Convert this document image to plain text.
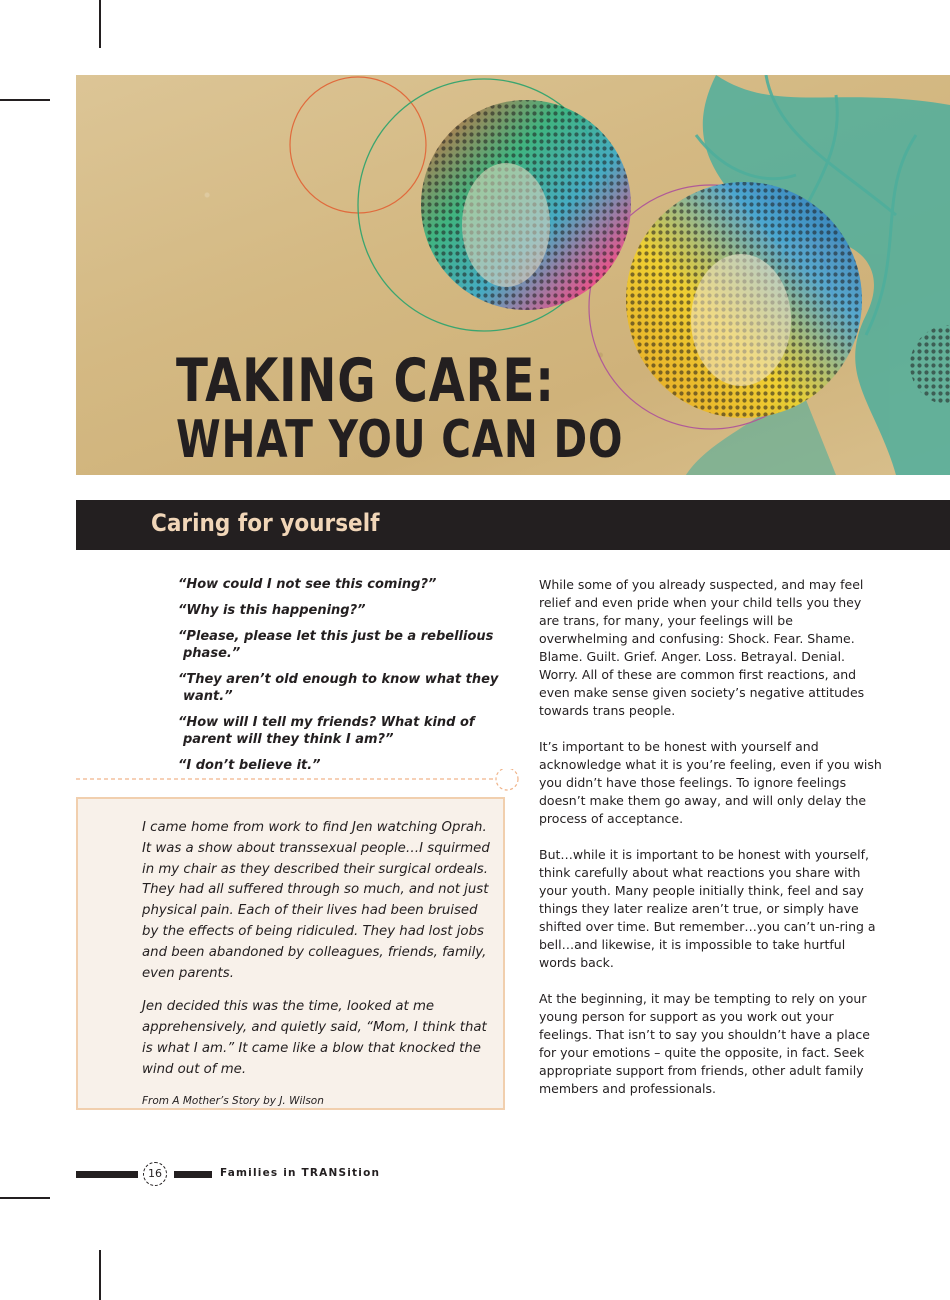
TAKING CARE:
WHAT YOU CAN DO
Caring for yourself

“How could I not see this coming?”

“Why is this happening?”

“Please, please let this just be a rebellious phase.”

“They aren’t old enough to know what they want.”

“How will I tell my friends? What kind of parent will they think I am?”

“I don’t believe it.”

I came home from work to find Jen watching Oprah. It was a show about transsexual people…I squirmed in my chair as they described their surgical ordeals. They had all suffered through so much, and not just physical pain. Each of their lives had been bruised by the effects of being ridiculed. They had lost jobs and been abandoned by colleagues, friends, family, even parents.

Jen decided this was the time, looked at me apprehensively, and quietly said, “Mom, I think that is what I am.” It came like a blow that knocked the wind out of me.

From A Mother’s Story by J. Wilson

While some of you already suspected, and may feel relief and even pride when your child tells you they are trans, for many, your feelings will be overwhelming and confusing: Shock. Fear. Shame. Blame. Guilt. Grief. Anger. Loss. Betrayal. Denial. Worry. All of these are common first reactions, and even make sense given society’s negative attitudes towards trans people.

It’s important to be honest with yourself and acknowledge what it is you’re feeling, even if you wish you didn’t have those feelings. To ignore feelings doesn’t make them go away, and will only delay the process of acceptance.

But…while it is important to be honest with yourself, think carefully about what reactions you share with your youth. Many people initially think, feel and say things they later realize aren’t true, or simply have shifted over time. But remember…you can’t un-ring a bell…and likewise, it is impossible to take hurtful words back.

At the beginning, it may be tempting to rely on your young person for support as you work out your feelings. That isn’t to say you shouldn’t have a place for your emotions – quite the opposite, in fact. Seek appropriate support from friends, other adult family members and professionals.

16	Families in TRANSition
